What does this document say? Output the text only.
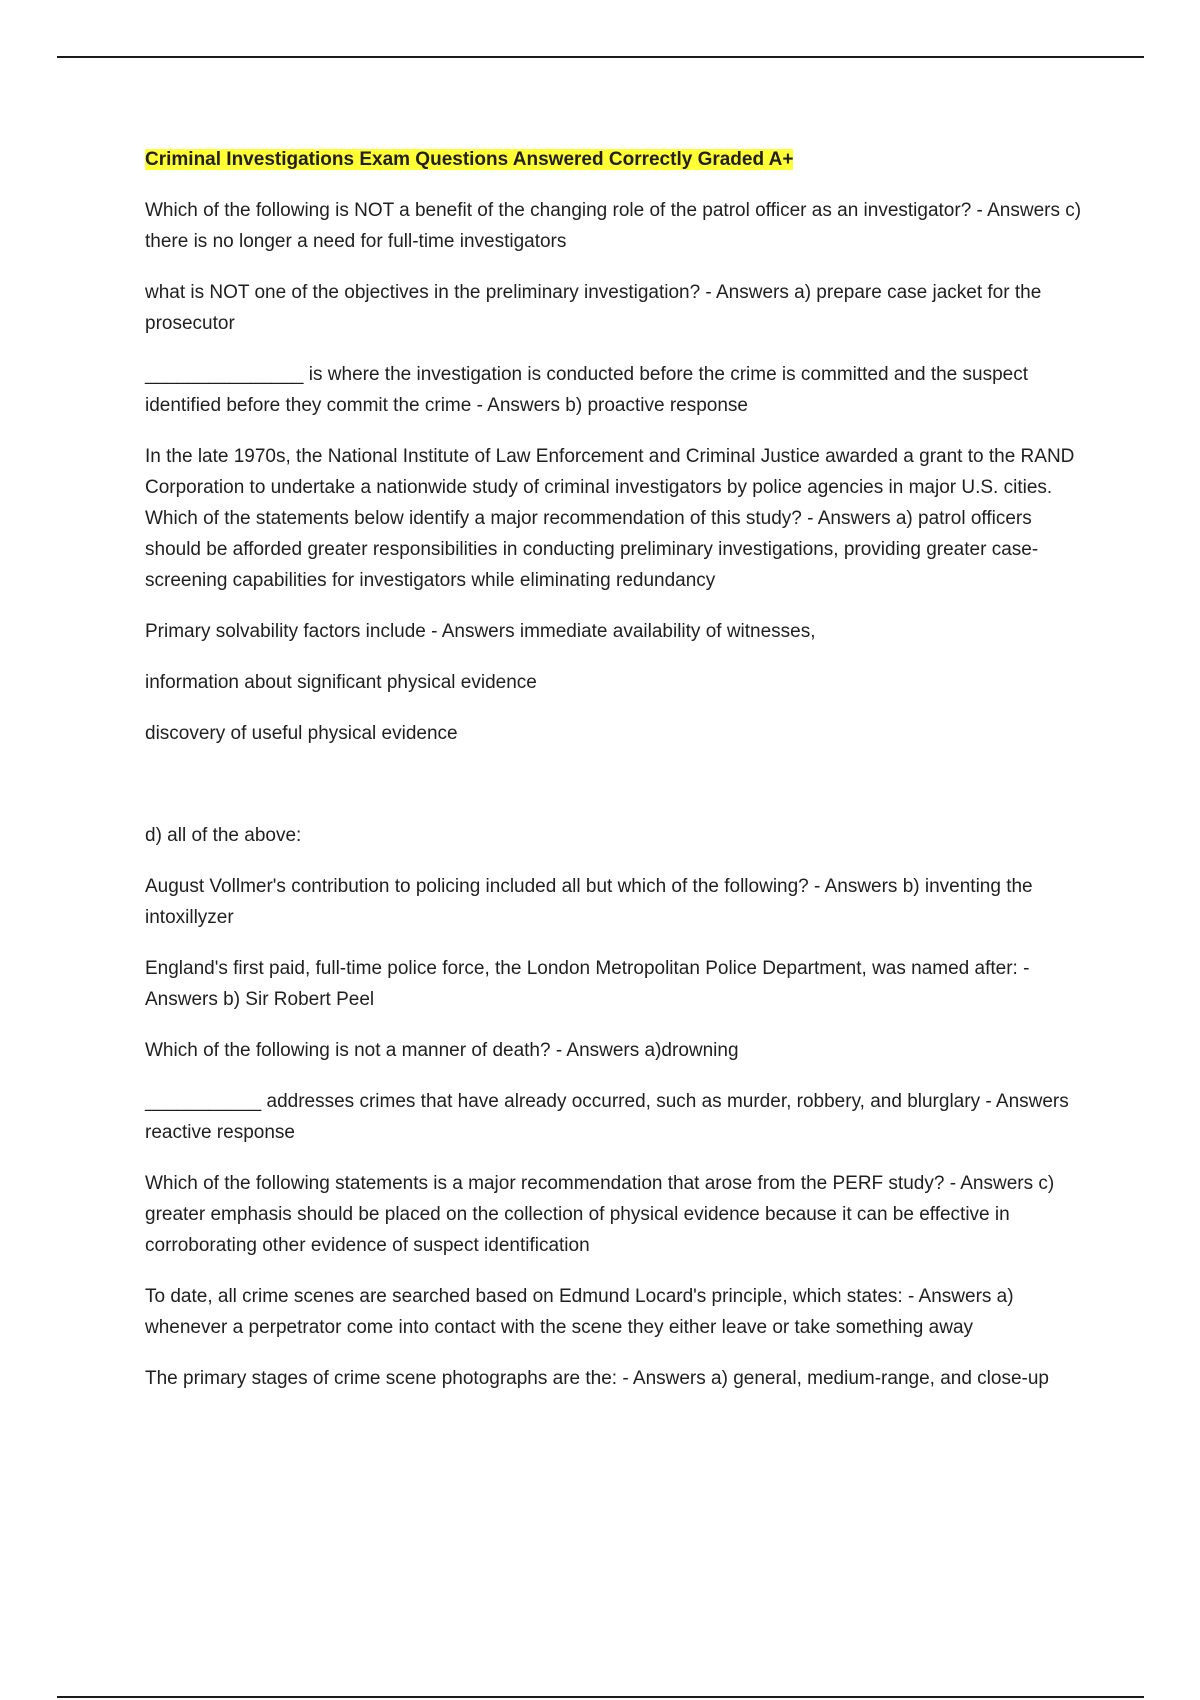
Criminal Investigations Exam Questions Answered Correctly Graded A+

Which of the following is NOT a benefit of the changing role of the patrol officer as an investigator? - Answers c) there is no longer a need for full-time investigators

what is NOT one of the objectives in the preliminary investigation? - Answers a) prepare case jacket for the prosecutor

_______________ is where the investigation is conducted before the crime is committed and the suspect identified before they commit the crime - Answers b) proactive response

In the late 1970s, the National Institute of Law Enforcement and Criminal Justice awarded a grant to the RAND Corporation to undertake a nationwide study of criminal investigators by police agencies in major U.S. cities. Which of the statements below identify a major recommendation of this study? - Answers a) patrol officers should be afforded greater responsibilities in conducting preliminary investigations, providing greater case-screening capabilities for investigators while eliminating redundancy

Primary solvability factors include - Answers immediate availability of witnesses,

information about significant physical evidence

discovery of useful physical evidence

d) all of the above:

August Vollmer's contribution to policing included all but which of the following? - Answers b) inventing the intoxillyzer

England's first paid, full-time police force, the London Metropolitan Police Department, was named after: - Answers b) Sir Robert Peel

Which of the following is not a manner of death? - Answers a)drowning

___________ addresses crimes that have already occurred, such as murder, robbery, and blurglary - Answers reactive response

Which of the following statements is a major recommendation that arose from the PERF study? - Answers c) greater emphasis should be placed on the collection of physical evidence because it can be effective in corroborating other evidence of suspect identification

To date, all crime scenes are searched based on Edmund Locard's principle, which states: - Answers a) whenever a perpetrator come into contact with the scene they either leave or take something away

The primary stages of crime scene photographs are the: - Answers a) general, medium-range, and close-up
